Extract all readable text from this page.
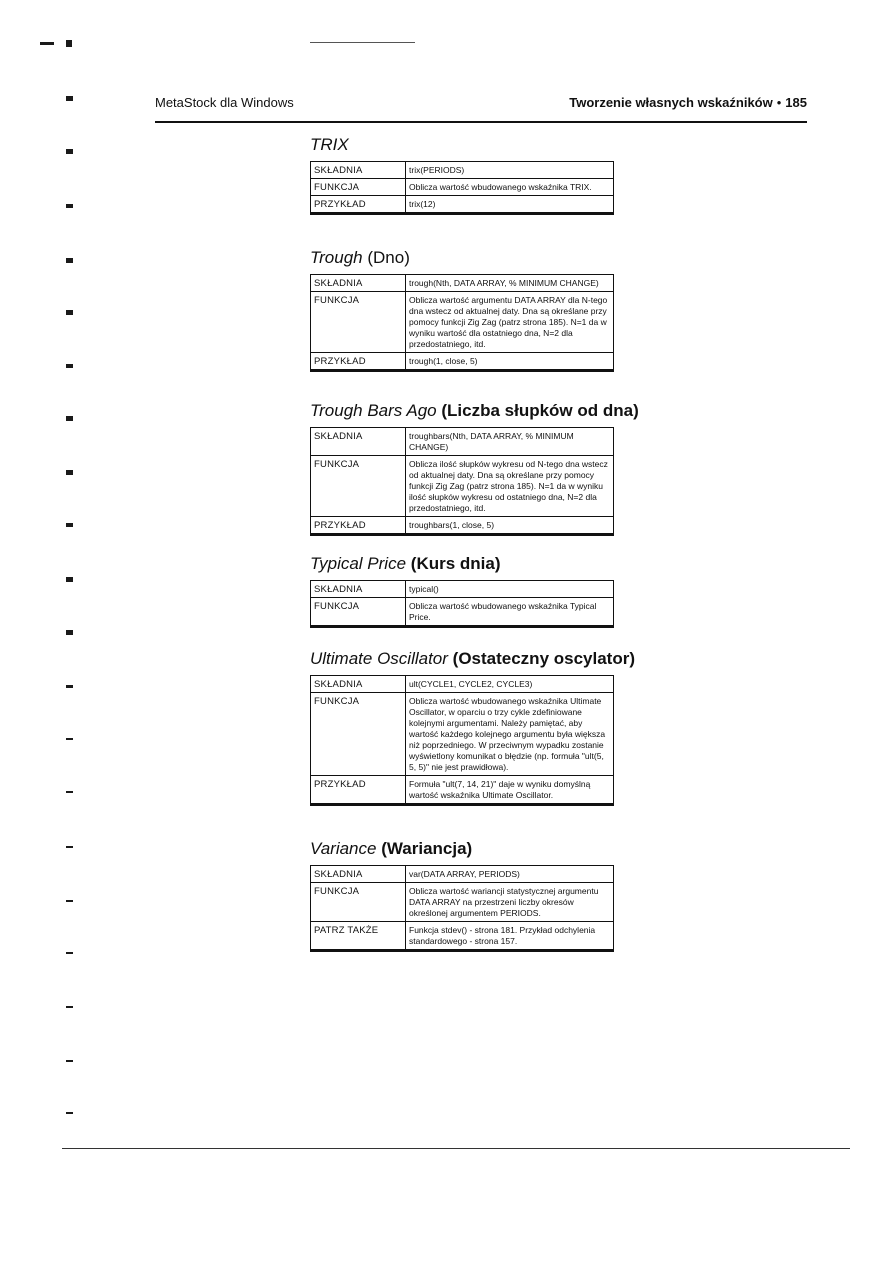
MetaStock dla Windows	Tworzenie własnych wskaźników • 185
TRIX
SKŁADNIA	trix(PERIODS)
FUNKCJA	Oblicza wartość wbudowanego wskaźnika TRIX.
PRZYKŁAD	trix(12)
Trough (Dno)
SKŁADNIA	trough(Nth, DATA ARRAY, % MINIMUM CHANGE)
FUNKCJA	Oblicza wartość argumentu DATA ARRAY dla N-tego dna wstecz od aktualnej daty. Dna są określane przy pomocy funkcji Zig Zag (patrz strona 185). N=1 da w wyniku wartość dla ostatniego dna, N=2 dla przedostatniego, itd.
PRZYKŁAD	trough(1, close, 5)
Trough Bars Ago (Liczba słupków od dna)
SKŁADNIA	troughbars(Nth, DATA ARRAY, % MINIMUM CHANGE)
FUNKCJA	Oblicza ilość słupków wykresu od N-tego dna wstecz od aktualnej daty. Dna są określane przy pomocy funkcji Zig Zag (patrz strona 185). N=1 da w wyniku ilość słupków wykresu od ostatniego dna, N=2 dla przedostatniego, itd.
PRZYKŁAD	troughbars(1, close, 5)
Typical Price (Kurs dnia)
SKŁADNIA	typical()
FUNKCJA	Oblicza wartość wbudowanego wskaźnika Typical Price.
Ultimate Oscillator (Ostateczny oscylator)
SKŁADNIA	ult(CYCLE1, CYCLE2, CYCLE3)
FUNKCJA	Oblicza wartość wbudowanego wskaźnika Ultimate Oscillator, w oparciu o trzy cykle zdefiniowane kolejnymi argumentami. Należy pamiętać, aby wartość każdego kolejnego argumentu była większa niż poprzedniego. W przeciwnym wypadku zostanie wyświetlony komunikat o błędzie (np. formuła "ult(5, 5, 5)" nie jest prawidłowa).
PRZYKŁAD	Formuła "ult(7, 14, 21)" daje w wyniku domyślną wartość wskaźnika Ultimate Oscillator.
Variance (Wariancja)
SKŁADNIA	var(DATA ARRAY, PERIODS)
FUNKCJA	Oblicza wartość wariancji statystycznej argumentu DATA ARRAY na przestrzeni liczby okresów określonej argumentem PERIODS.
PATRZ TAKŻE	Funkcja stdev() - strona 181. Przykład odchylenia standardowego - strona 157.
